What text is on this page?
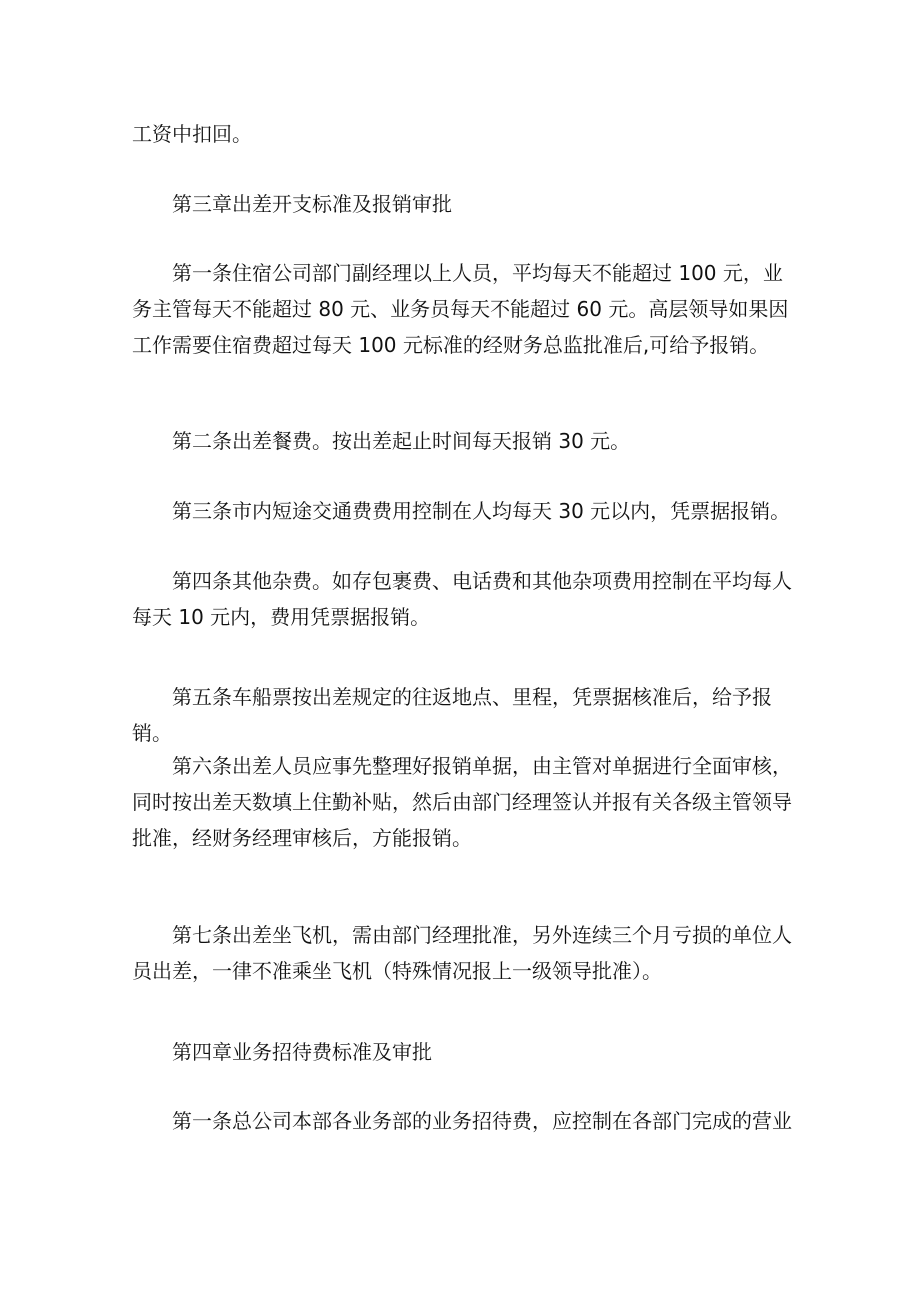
工资中扣回。

　　第三章出差开支标准及报销审批

　　第一条住宿公司部门副经理以上人员，平均每天不能超过 100 元，业
务主管每天不能超过 80 元、业务员每天不能超过 60 元。高层领导如果因
工作需要住宿费超过每天 100 元标准的经财务总监批准后,可给予报销。

　　第二条出差餐费。按出差起止时间每天报销 30 元。

　　第三条市内短途交通费费用控制在人均每天 30 元以内，凭票据报销。

　　第四条其他杂费。如存包裹费、电话费和其他杂项费用控制在平均每人
每天 10 元内，费用凭票据报销。

　　第五条车船票按出差规定的往返地点、里程，凭票据核准后，给予报销。

　　第六条出差人员应事先整理好报销单据，由主管对单据进行全面审核，
同时按出差天数填上住勤补贴，然后由部门经理签认并报有关各级主管领导
批准，经财务经理审核后，方能报销。

　　第七条出差坐飞机，需由部门经理批准，另外连续三个月亏损的单位人
员出差，一律不准乘坐飞机（特殊情况报上一级领导批准）。

　　第四章业务招待费标准及审批

　　第一条总公司本部各业务部的业务招待费，应控制在各部门完成的营业
